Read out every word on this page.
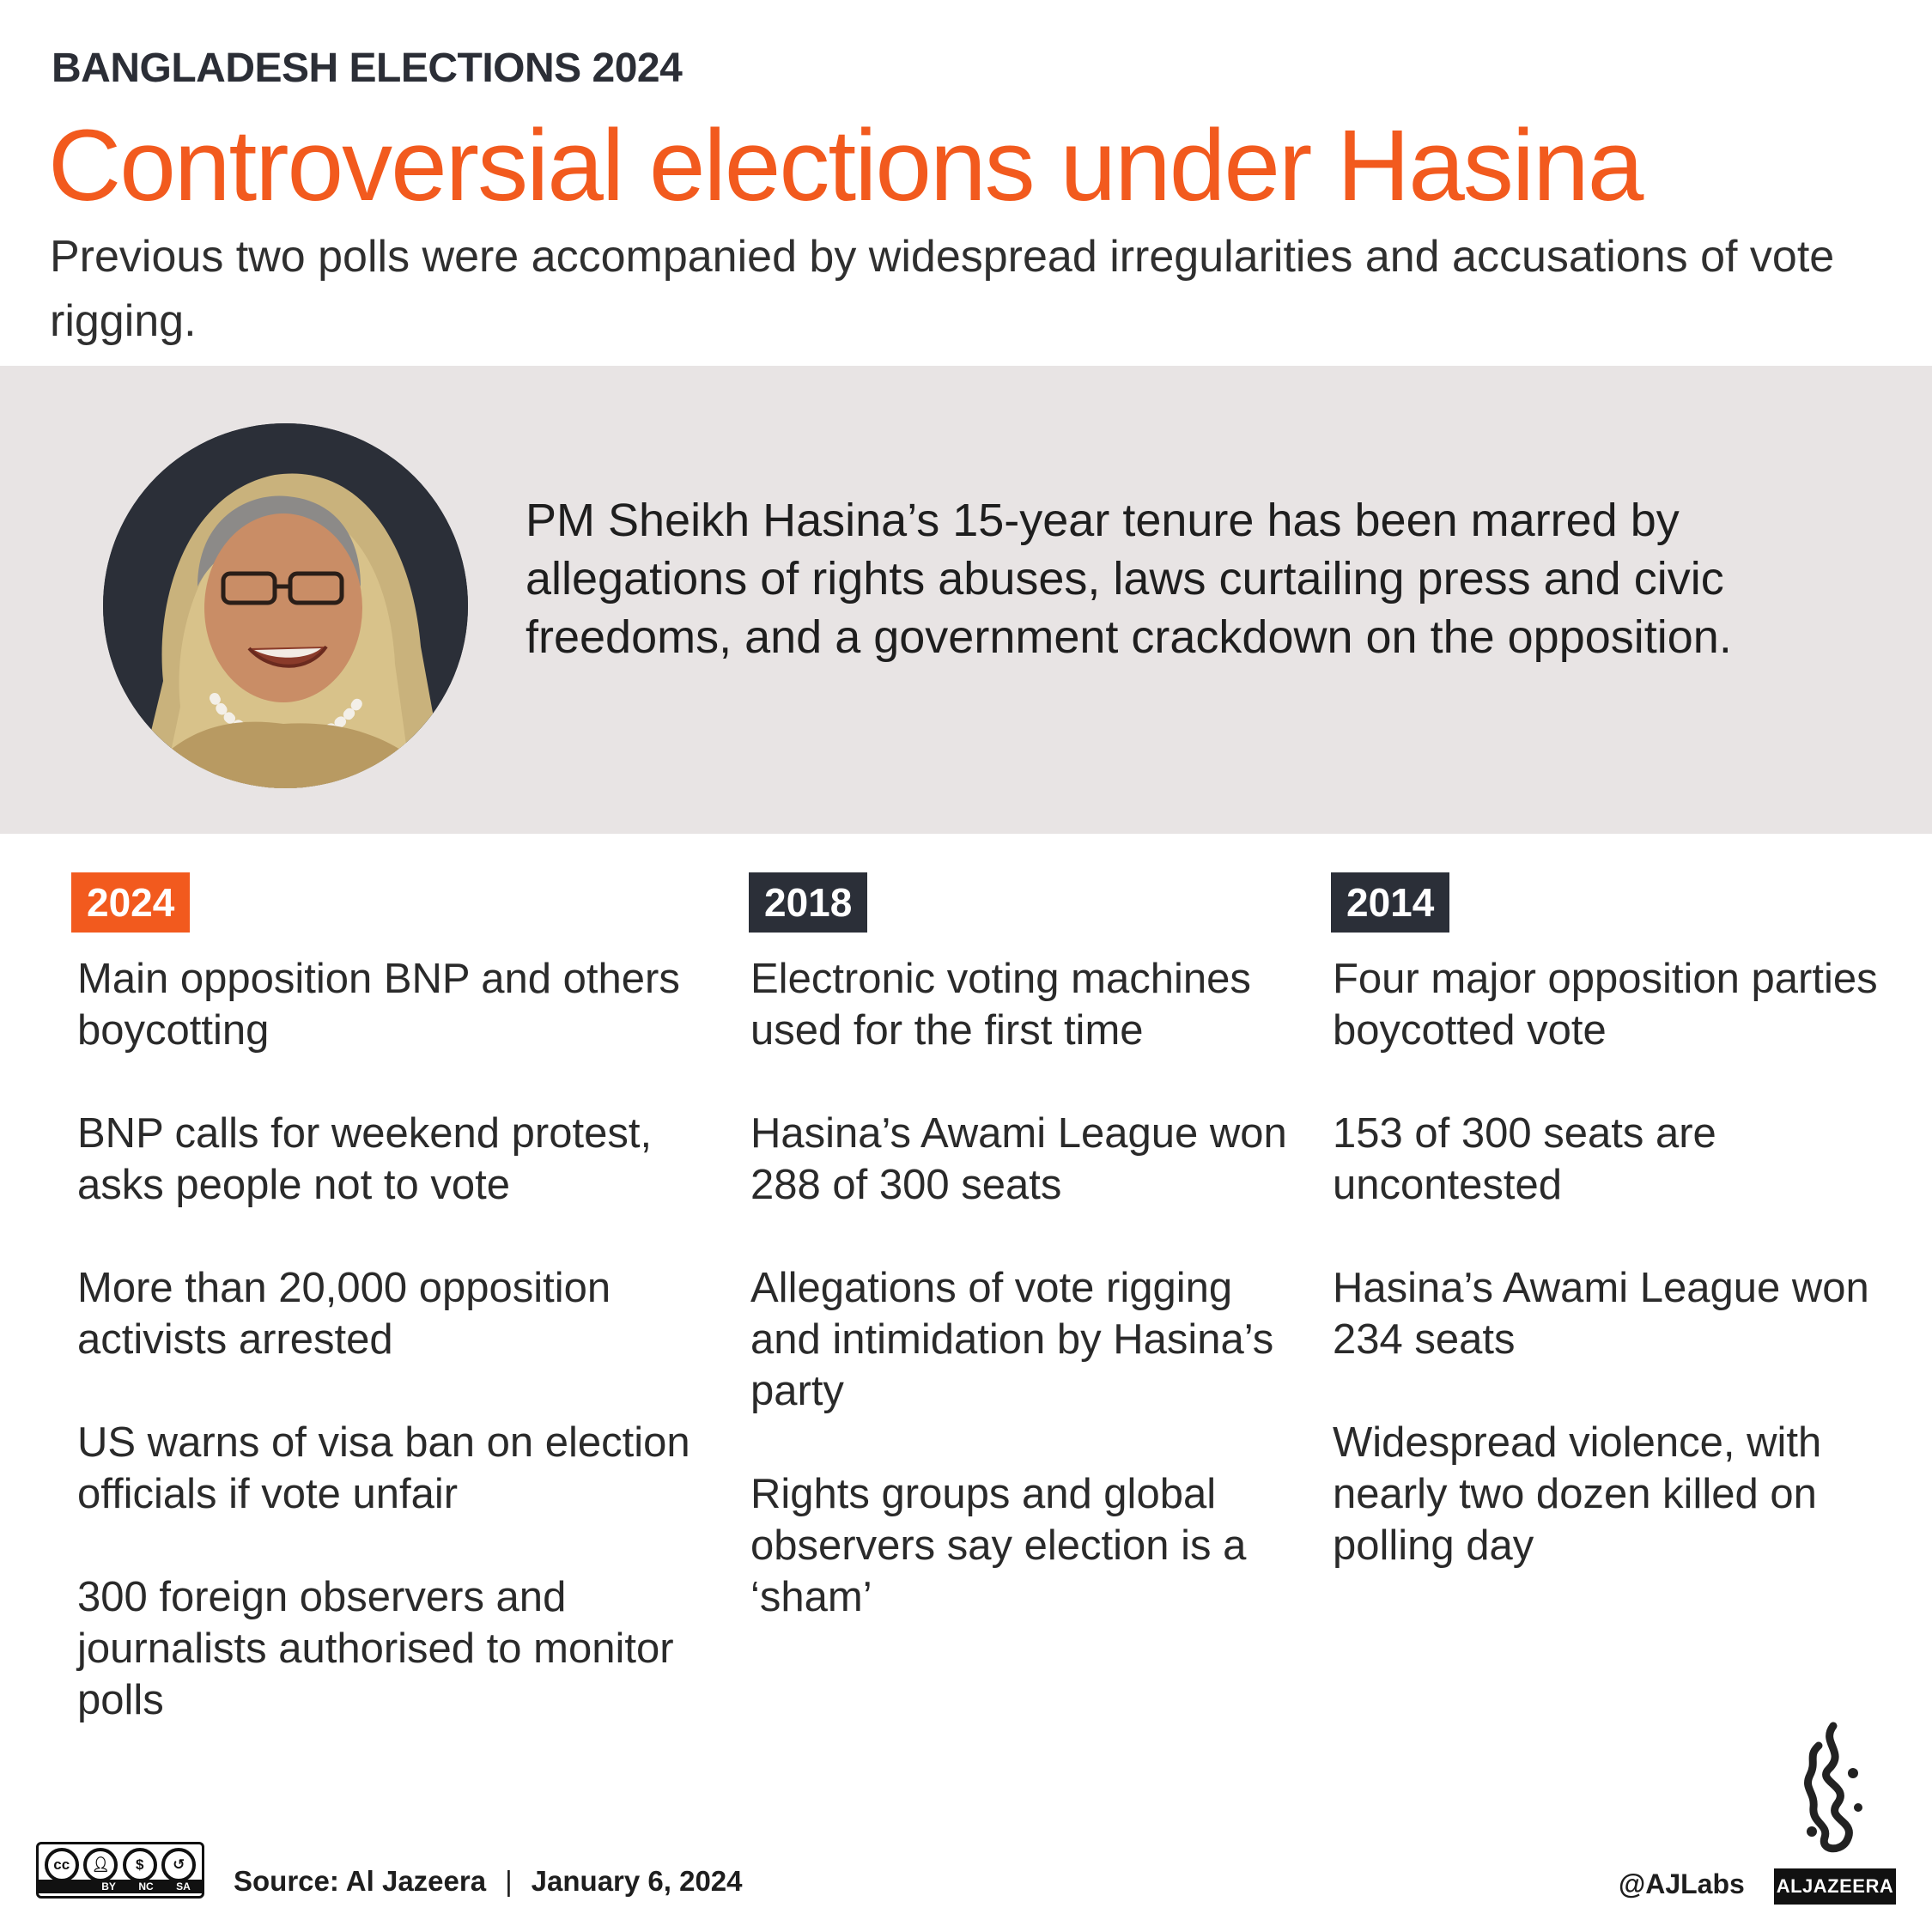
BANGLADESH ELECTIONS 2024
Controversial elections under Hasina
Previous two polls were accompanied by widespread irregularities and accusations of vote rigging.
PM Sheikh Hasina’s 15-year tenure has been marred by allegations of rights abuses, laws curtailing press and civic freedoms, and a government crackdown on the opposition.
2024
Main opposition BNP and others boycotting
BNP calls for weekend protest, asks people not to vote
More than 20,000 opposition activists arrested
US warns of visa ban on election officials if vote unfair
300 foreign observers and journalists authorised to monitor polls
2018
Electronic voting machines used for the first time
Hasina’s Awami League won 288 of 300 seats
Allegations of vote rigging and intimidation by Hasina’s party
Rights groups and global observers say election is a ‘sham’
2014
Four major opposition parties boycotted vote
153 of 300 seats are uncontested
Hasina’s Awami League won 234 seats
Widespread violence, with nearly two dozen killed on polling day
cc	👤︎	$	↺
BY NC SA Source: Al Jazeera | January 6, 2024	@AJLabs ALJAZEERA
